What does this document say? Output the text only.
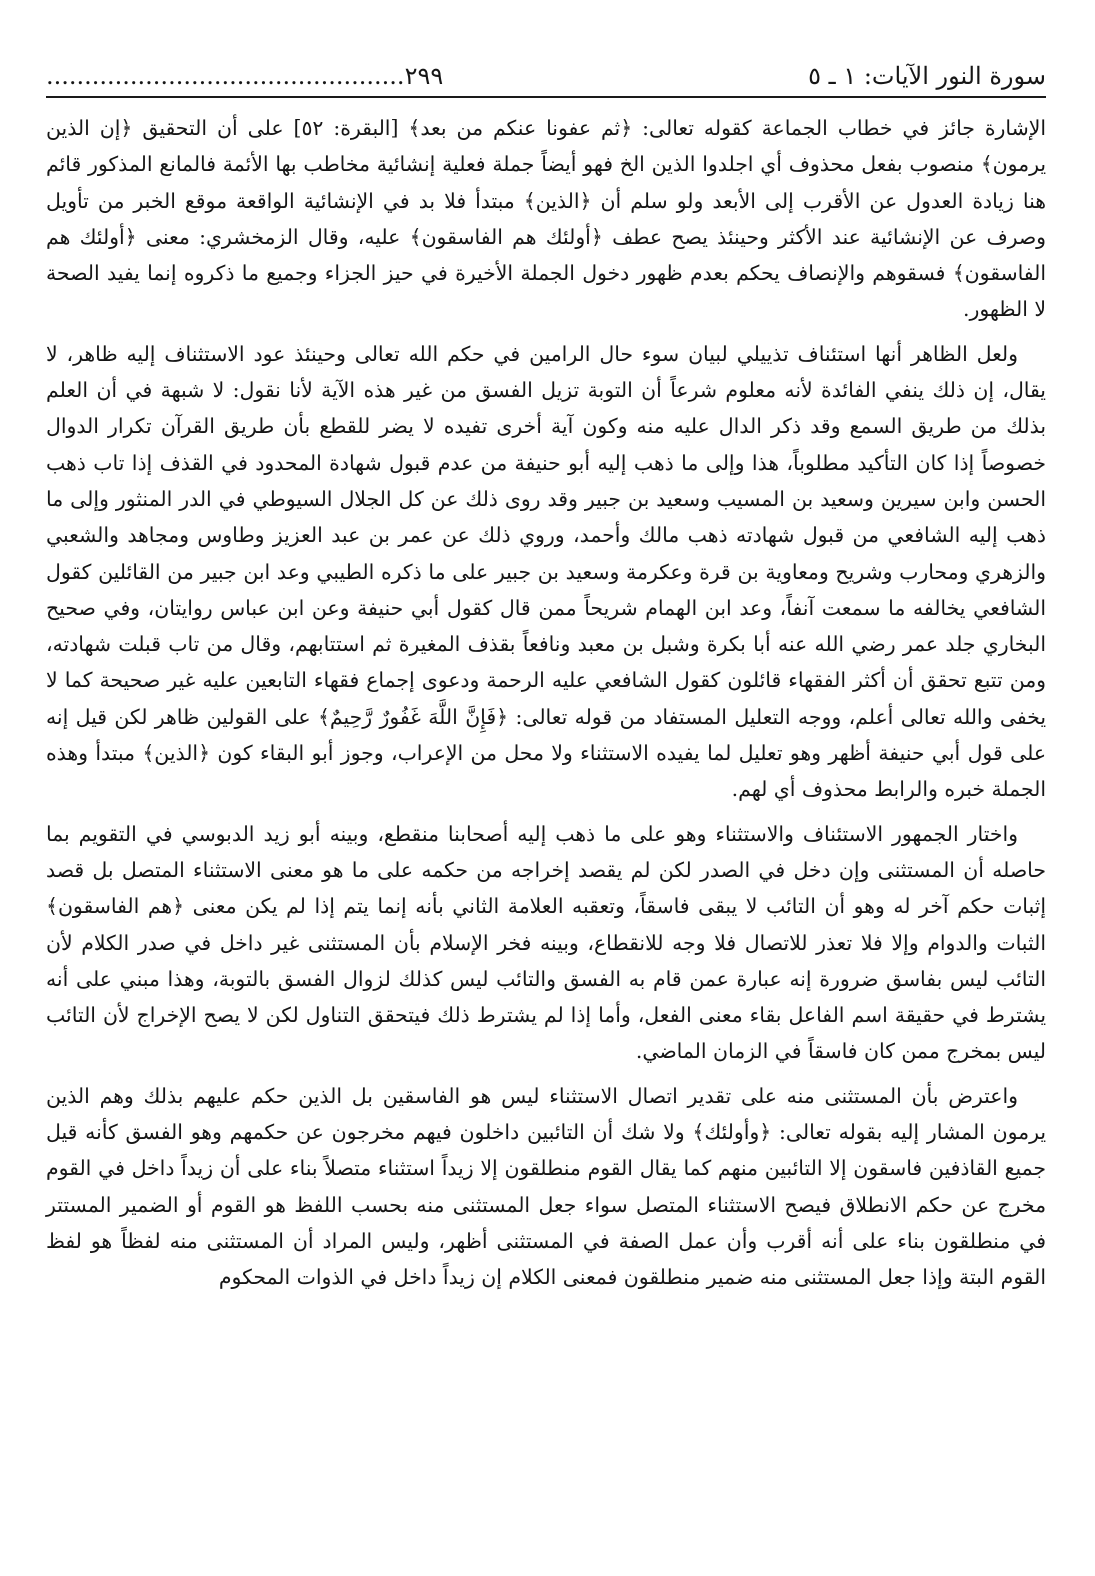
سورة النور الآيات: ١ ـ ٥
٢٩٩...............................................

الإشارة جائز في خطاب الجماعة كقوله تعالى: ﴿ثم عفونا عنكم من بعد﴾ [البقرة: ٥٢] على أن التحقيق ﴿إن الذين يرمون﴾ منصوب بفعل محذوف أي اجلدوا الذين الخ فهو أيضاً جملة فعلية إنشائية مخاطب بها الأئمة فالمانع المذكور قائم هنا زيادة العدول عن الأقرب إلى الأبعد ولو سلم أن ﴿الذين﴾ مبتدأ فلا بد في الإنشائية الواقعة موقع الخبر من تأويل وصرف عن الإنشائية عند الأكثر وحينئذ يصح عطف ﴿أولئك هم الفاسقون﴾ عليه، وقال الزمخشري: معنى ﴿أولئك هم الفاسقون﴾ فسقوهم والإنصاف يحكم بعدم ظهور دخول الجملة الأخيرة في حيز الجزاء وجميع ما ذكروه إنما يفيد الصحة لا الظهور.

ولعل الظاهر أنها استئناف تذييلي لبيان سوء حال الرامين في حكم الله تعالى وحينئذ عود الاستثناف إليه ظاهر، لا يقال، إن ذلك ينفي الفائدة لأنه معلوم شرعاً أن التوبة تزيل الفسق من غير هذه الآية لأنا نقول: لا شبهة في أن العلم بذلك من طريق السمع وقد ذكر الدال عليه منه وكون آية أخرى تفيده لا يضر للقطع بأن طريق القرآن تكرار الدوال خصوصاً إذا كان التأكيد مطلوباً، هذا وإلى ما ذهب إليه أبو حنيفة من عدم قبول شهادة المحدود في القذف إذا تاب ذهب الحسن وابن سيرين وسعيد بن المسيب وسعيد بن جبير وقد روى ذلك عن كل الجلال السيوطي في الدر المنثور وإلى ما ذهب إليه الشافعي من قبول شهادته ذهب مالك وأحمد، وروي ذلك عن عمر بن عبد العزيز وطاوس ومجاهد والشعبي والزهري ومحارب وشريح ومعاوية بن قرة وعكرمة وسعيد بن جبير على ما ذكره الطيبي وعد ابن جبير من القائلين كقول الشافعي يخالفه ما سمعت آنفاً، وعد ابن الهمام شريحاً ممن قال كقول أبي حنيفة وعن ابن عباس روايتان، وفي صحيح البخاري جلد عمر رضي الله عنه أبا بكرة وشبل بن معبد ونافعاً بقذف المغيرة ثم استتابهم، وقال من تاب قبلت شهادته، ومن تتبع تحقق أن أكثر الفقهاء قائلون كقول الشافعي عليه الرحمة ودعوى إجماع فقهاء التابعين عليه غير صحيحة كما لا يخفى والله تعالى أعلم، ووجه التعليل المستفاد من قوله تعالى: ﴿فَإِنَّ اللَّهَ غَفُورٌ رَّحِيمٌ﴾ على القولين ظاهر لكن قيل إنه على قول أبي حنيفة أظهر وهو تعليل لما يفيده الاستثناء ولا محل من الإعراب، وجوز أبو البقاء كون ﴿الذين﴾ مبتدأ وهذه الجملة خبره والرابط محذوف أي لهم.

واختار الجمهور الاستئناف والاستثناء وهو على ما ذهب إليه أصحابنا منقطع، وبينه أبو زيد الدبوسي في التقويم بما حاصله أن المستثنى وإن دخل في الصدر لكن لم يقصد إخراجه من حكمه على ما هو معنى الاستثناء المتصل بل قصد إثبات حكم آخر له وهو أن التائب لا يبقى فاسقاً، وتعقبه العلامة الثاني بأنه إنما يتم إذا لم يكن معنى ﴿هم الفاسقون﴾ الثبات والدوام وإلا فلا تعذر للاتصال فلا وجه للانقطاع، وبينه فخر الإسلام بأن المستثنى غير داخل في صدر الكلام لأن التائب ليس بفاسق ضرورة إنه عبارة عمن قام به الفسق والتائب ليس كذلك لزوال الفسق بالتوبة، وهذا مبني على أنه يشترط في حقيقة اسم الفاعل بقاء معنى الفعل، وأما إذا لم يشترط ذلك فيتحقق التناول لكن لا يصح الإخراج لأن التائب ليس بمخرج ممن كان فاسقاً في الزمان الماضي.

واعترض بأن المستثنى منه على تقدير اتصال الاستثناء ليس هو الفاسقين بل الذين حكم عليهم بذلك وهم الذين يرمون المشار إليه بقوله تعالى: ﴿وأولئك﴾ ولا شك أن التائبين داخلون فيهم مخرجون عن حكمهم وهو الفسق كأنه قيل جميع القاذفين فاسقون إلا التائبين منهم كما يقال القوم منطلقون إلا زيداً استثناء متصلاً بناء على أن زيداً داخل في القوم مخرج عن حكم الانطلاق فيصح الاستثناء المتصل سواء جعل المستثنى منه بحسب اللفظ هو القوم أو الضمير المستتر في منطلقون بناء على أنه أقرب وأن عمل الصفة في المستثنى أظهر، وليس المراد أن المستثنى منه لفظاً هو لفظ القوم البتة وإذا جعل المستثنى منه ضمير منطلقون فمعنى الكلام إن زيداً داخل في الذوات المحكوم
